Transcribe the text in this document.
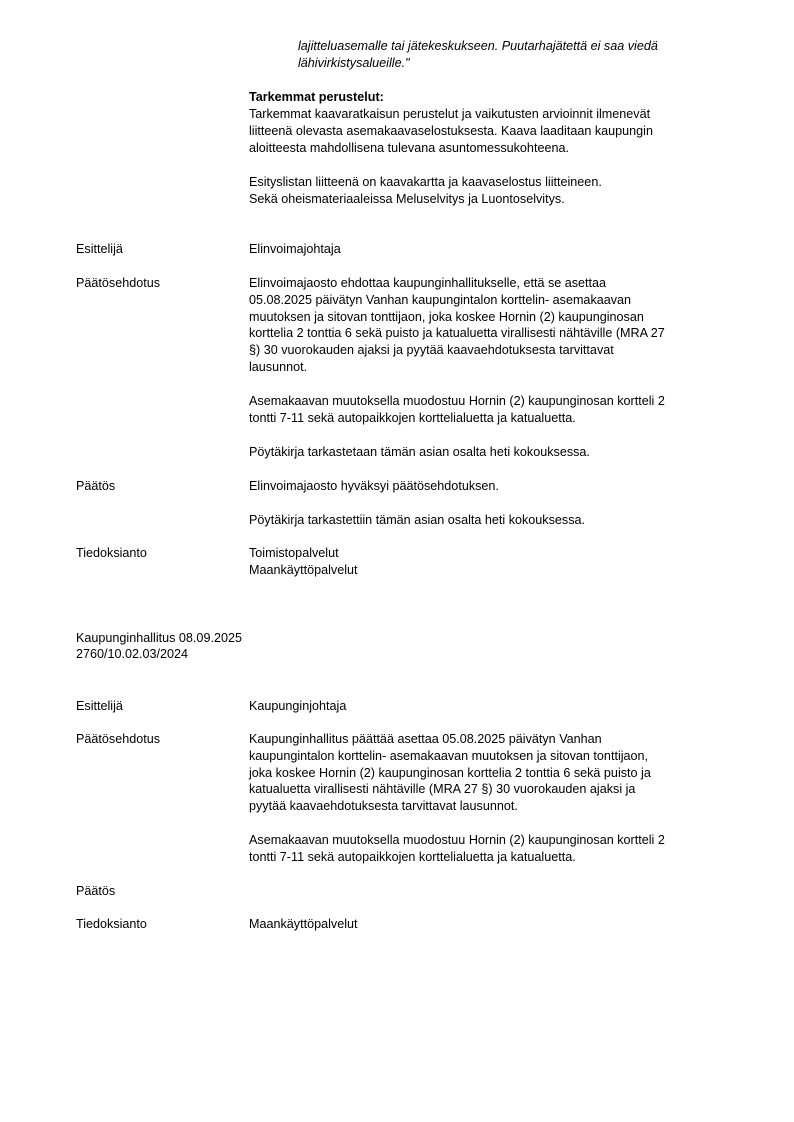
lajitteluasemalle tai jätekeskukseen. Puutarhajätettä ei saa viedä
lähivirkistysalueille."
Tarkemmat perustelut:
Tarkemmat kaavaratkaisun perustelut ja vaikutusten arvioinnit ilmenevät
liitteenä olevasta asemakaavaselostuksesta. Kaava laaditaan kaupungin
aloitteesta mahdollisena tulevana asuntomessukohteena.
Esityslistan liitteenä on kaavakartta ja kaavaselostus liitteineen.
Sekä oheismateriaaleissa Meluselvitys ja Luontoselvitys.
Esittelijä	Elinvoimajohtaja
Päätösehdotus	Elinvoimajaosto ehdottaa kaupunginhallitukselle, että se asettaa
05.08.2025 päivätyn Vanhan kaupungintalon korttelin- asemakaavan
muutoksen ja sitovan tonttijaon, joka koskee Hornin (2) kaupunginosan
korttelia 2 tonttia 6 sekä puisto ja katualuetta virallisesti nähtäville (MRA 27
§) 30 vuorokauden ajaksi ja pyytää kaavaehdotuksesta tarvittavat
lausunnot.
Asemakaavan muutoksella muodostuu Hornin (2) kaupunginosan kortteli 2
tontti 7-11 sekä autopaikkojen korttelialuetta ja katualuetta.
Pöytäkirja tarkastetaan tämän asian osalta heti kokouksessa.
Päätös	Elinvoimajaosto hyväksyi päätösehdotuksen.
Pöytäkirja tarkastettiin tämän asian osalta heti kokouksessa.
Tiedoksianto	Toimistopalvelut
Maankäyttöpalvelut
Kaupunginhallitus 08.09.2025
2760/10.02.03/2024
Esittelijä	Kaupunginjohtaja
Päätösehdotus	Kaupunginhallitus päättää asettaa 05.08.2025 päivätyn Vanhan
kaupungintalon korttelin- asemakaavan muutoksen ja sitovan tonttijaon,
joka koskee Hornin (2) kaupunginosan korttelia 2 tonttia 6 sekä puisto ja
katualuetta virallisesti nähtäville (MRA 27 §) 30 vuorokauden ajaksi ja
pyytää kaavaehdotuksesta tarvittavat lausunnot.
Asemakaavan muutoksella muodostuu Hornin (2) kaupunginosan kortteli 2
tontti 7-11 sekä autopaikkojen korttelialuetta ja katualuetta.
Päätös
Tiedoksianto	Maankäyttöpalvelut
